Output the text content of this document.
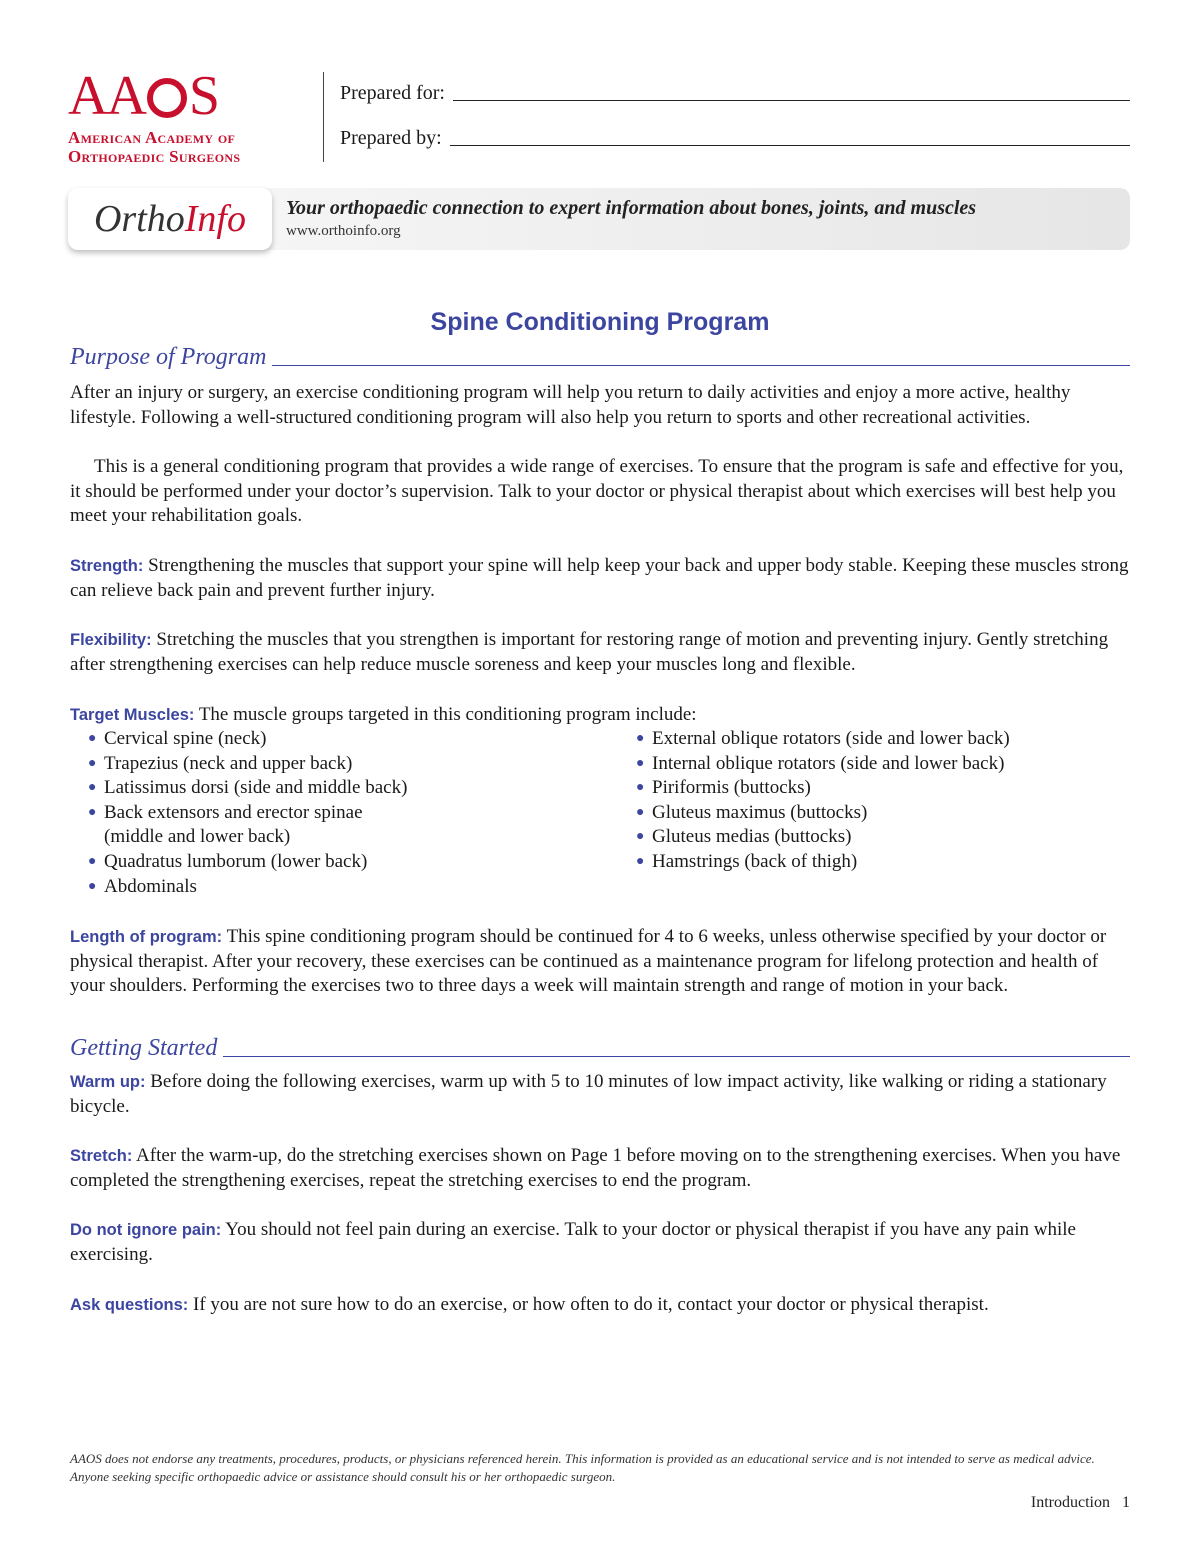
AA S
American Academy of
Orthopaedic Surgeons
Prepared for:
Prepared by:
Ortho Info Your orthopaedic connection to expert information about bones, joints, and muscles
www.orthoinfo.org
Spine Conditioning Program
Purpose of Program

After an injury or surgery, an exercise conditioning program will help you return to daily activities and enjoy a more active, healthy lifestyle. Following a well-structured conditioning program will also help you return to sports and other recreational activities.

This is a general conditioning program that provides a wide range of exercises. To ensure that the program is safe and effective for you, it should be performed under your doctor’s supervision. Talk to your doctor or physical therapist about which exercises will best help you meet your rehabilitation goals.

Strength: Strengthening the muscles that support your spine will help keep your back and upper body stable. Keeping these muscles strong can relieve back pain and prevent further injury.

Flexibility: Stretching the muscles that you strengthen is important for restoring range of motion and preventing injury. Gently stretching after strengthening exercises can help reduce muscle soreness and keep your muscles long and flexible.

Target Muscles: The muscle groups targeted in this conditioning program include:

● Cervical spine (neck)
● Trapezius (neck and upper back)
● Latissimus dorsi (side and middle back)
● Back extensors and erector spinae (middle and lower back)
● Quadratus lumborum (lower back)
● Abdominals
● External oblique rotators (side and lower back)
● Internal oblique rotators (side and lower back)
● Piriformis (buttocks)
● Gluteus maximus (buttocks)
● Gluteus medias (buttocks)
● Hamstrings (back of thigh)

Length of program: This spine conditioning program should be continued for 4 to 6 weeks, unless otherwise specified by your doctor or physical therapist. After your recovery, these exercises can be continued as a maintenance program for lifelong protection and health of your shoulders. Performing the exercises two to three days a week will maintain strength and range of motion in your back.

Getting Started

Warm up: Before doing the following exercises, warm up with 5 to 10 minutes of low impact activity, like walking or riding a stationary bicycle.

Stretch: After the warm-up, do the stretching exercises shown on Page 1 before moving on to the strengthening exercises. When you have completed the strengthening exercises, repeat the stretching exercises to end the program.

Do not ignore pain: You should not feel pain during an exercise. Talk to your doctor or physical therapist if you have any pain while exercising.

Ask questions: If you are not sure how to do an exercise, or how often to do it, contact your doctor or physical therapist.

AAOS does not endorse any treatments, procedures, products, or physicians referenced herein. This information is provided as an educational service and is not intended to serve as medical advice. Anyone seeking specific orthopaedic advice or assistance should consult his or her orthopaedic surgeon.

Introduction 1
